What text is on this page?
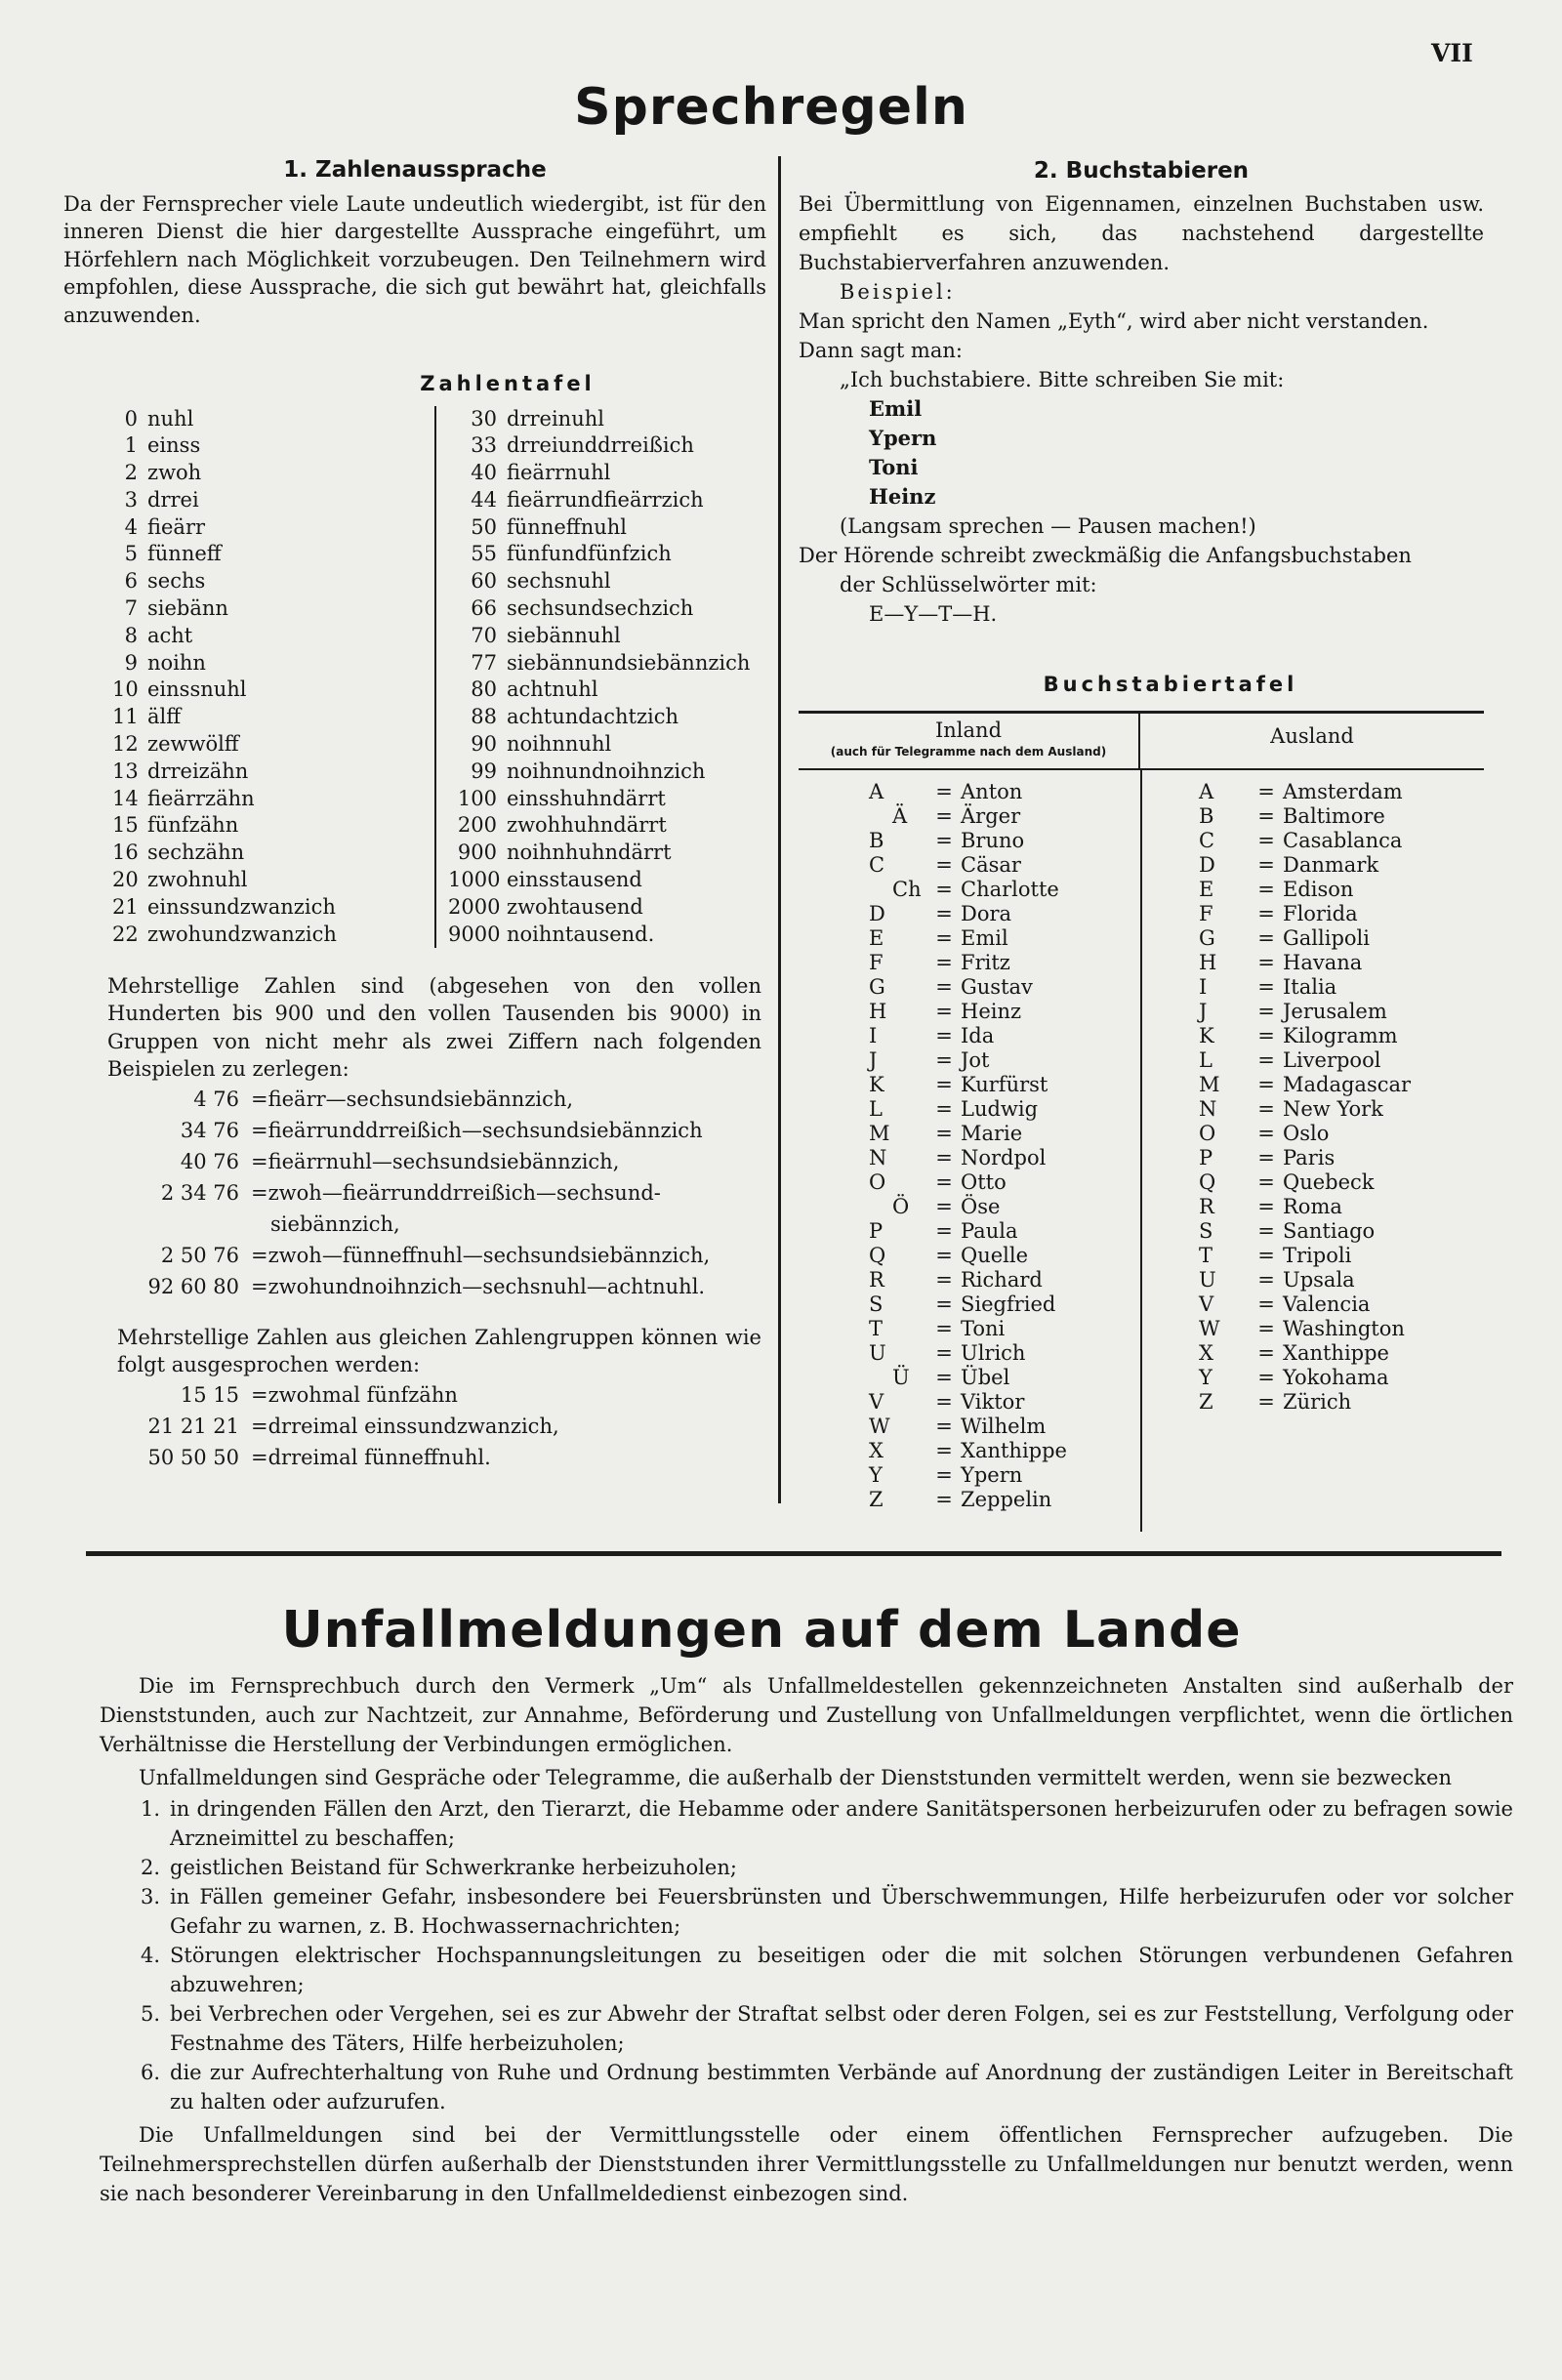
VII
Sprechregeln
1. Zahlenaussprache

Da der Fernsprecher viele Laute undeutlich wiedergibt, ist für den inneren Dienst die hier dargestellte Aussprache eingeführt, um Hörfehlern nach Möglichkeit vorzubeugen. Den Teilnehmern wird empfohlen, diese Aussprache, die sich gut bewährt hat, gleichfalls anzuwenden.

Zahlentafel
0 nuhl
1 einss
2 zwoh
3 drrei
4 fieärr
5 fünneff
6 sechs
7 siebänn
8 acht
9 noihn
10 einssnuhl
11 älff
12 zewwölff
13 drreizähn
14 fieärrzähn
15 fünfzähn
16 sechzähn
20 zwohnuhl
21 einssundzwanzich
22 zwohundzwanzich
30 drreinuhl
33 drreiunddrreißich
40 fieärrnuhl
44 fieärrundfieärrzich
50 fünneffnuhl
55 fünfundfünfzich
60 sechsnuhl
66 sechsundsechzich
70 siebännuhl
77 siebännundsiebännzich
80 achtnuhl
88 achtundachtzich
90 noihnnuhl
99 noihnundnoihnzich
100 einsshuhndärrt
200 zwohhuhndärrt
900 noihnhuhndärrt
1000 einsstausend
2000 zwohtausend
9000 noihntausend.

Mehrstellige Zahlen sind (abgesehen von den vollen Hunderten bis 900 und den vollen Tausenden bis 9000) in Gruppen von nicht mehr als zwei Ziffern nach folgenden Beispielen zu zerlegen:

4 76 = fieärr—sechsundsiebännzich,
34 76 = fieärrunddrreißich—sechsundsiebännzich
40 76 = fieärrnuhl—sechsundsiebännzich,
2 34 76 = zwoh—fieärrunddrreißich—sechsund-

siebännzich,
2 50 76 = zwoh—fünneffnuhl—sechsundsiebännzich,
92 60 80 = zwohundnoihnzich—sechsnuhl—achtnuhl.

Mehrstellige Zahlen aus gleichen Zahlengruppen können wie folgt ausgesprochen werden:

15 15 = zwohmal fünfzähn
21 21 21 = drreimal einssundzwanzich,
50 50 50 = drreimal fünneffnuhl.
2. Buchstabieren

Bei Übermittlung von Eigennamen, einzelnen Buchstaben usw. empfiehlt es sich, das nachstehend dargestellte Buchstabierverfahren anzuwenden.

Beispiel:
Man spricht den Namen „Eyth“, wird aber nicht verstanden.
Dann sagt man:
„Ich buchstabiere. Bitte schreiben Sie mit:
Emil
Ypern
Toni
Heinz
(Langsam sprechen — Pausen machen!)
Der Hörende schreibt zweckmäßig die Anfangsbuchstaben
der Schlüsselwörter mit:
E—Y—T—H.
Buchstabiertafel
Inland
(auch für Telegramme nach dem Ausland)
Ausland
A	= Anton
Ä	= Ärger
B	= Bruno
C	= Cäsar
Ch = Charlotte
D	= Dora
E	= Emil
F	= Fritz
G	= Gustav
H	= Heinz
I	= Ida
J	= Jot
K	= Kurfürst
L	= Ludwig
M	= Marie
N	= Nordpol
O	= Otto
Ö	= Öse
P	= Paula
Q	= Quelle
R	= Richard
S	= Siegfried
T	= Toni
U	= Ulrich
Ü	= Übel
V	= Viktor
W	= Wilhelm
X	= Xanthippe
Y	= Ypern
Z	= Zeppelin
A	= Amsterdam
B	= Baltimore
C	= Casablanca
D	= Danmark
E	= Edison
F	= Florida
G	= Gallipoli
H	= Havana
I	= Italia
J	= Jerusalem
K	= Kilogramm
L	= Liverpool
M	= Madagascar
N	= New York
O	= Oslo
P	= Paris
Q	= Quebeck
R	= Roma
S	= Santiago
T	= Tripoli
U	= Upsala
V	= Valencia
W	= Washington
X	= Xanthippe
Y	= Yokohama
Z	= Zürich
Unfallmeldungen auf dem Lande

Die im Fernsprechbuch durch den Vermerk „Um“ als Unfallmeldestellen gekennzeichneten Anstalten sind außerhalb der Dienststunden, auch zur Nachtzeit, zur Annahme, Beförderung und Zustellung von Unfallmeldungen verpflichtet, wenn die örtlichen Verhältnisse die Herstellung der Verbindungen ermöglichen.

Unfallmeldungen sind Gespräche oder Telegramme, die außerhalb der Dienststunden vermittelt werden, wenn sie bezwecken

1. in dringenden Fällen den Arzt, den Tierarzt, die Hebamme oder andere Sanitätspersonen herbeizurufen oder zu befragen sowie Arzneimittel zu beschaffen;
2. geistlichen Beistand für Schwerkranke herbeizuholen;
3. in Fällen gemeiner Gefahr, insbesondere bei Feuersbrünsten und Überschwemmungen, Hilfe herbeizurufen oder vor solcher Gefahr zu warnen, z. B. Hochwassernachrichten;
4. Störungen elektrischer Hochspannungsleitungen zu beseitigen oder die mit solchen Störungen verbundenen Gefahren abzuwehren;
5. bei Verbrechen oder Vergehen, sei es zur Abwehr der Straftat selbst oder deren Folgen, sei es zur Feststellung, Verfolgung oder Festnahme des Täters, Hilfe herbeizuholen;
6. die zur Aufrechterhaltung von Ruhe und Ordnung bestimmten Verbände auf Anordnung der zuständigen Leiter in Bereitschaft zu halten oder aufzurufen.

Die Unfallmeldungen sind bei der Vermittlungsstelle oder einem öffentlichen Fernsprecher aufzugeben. Die Teilnehmersprechstellen dürfen außerhalb der Dienststunden ihrer Vermittlungsstelle zu Unfallmeldungen nur benutzt werden, wenn sie nach besonderer Vereinbarung in den Unfallmeldedienst einbezogen sind.
